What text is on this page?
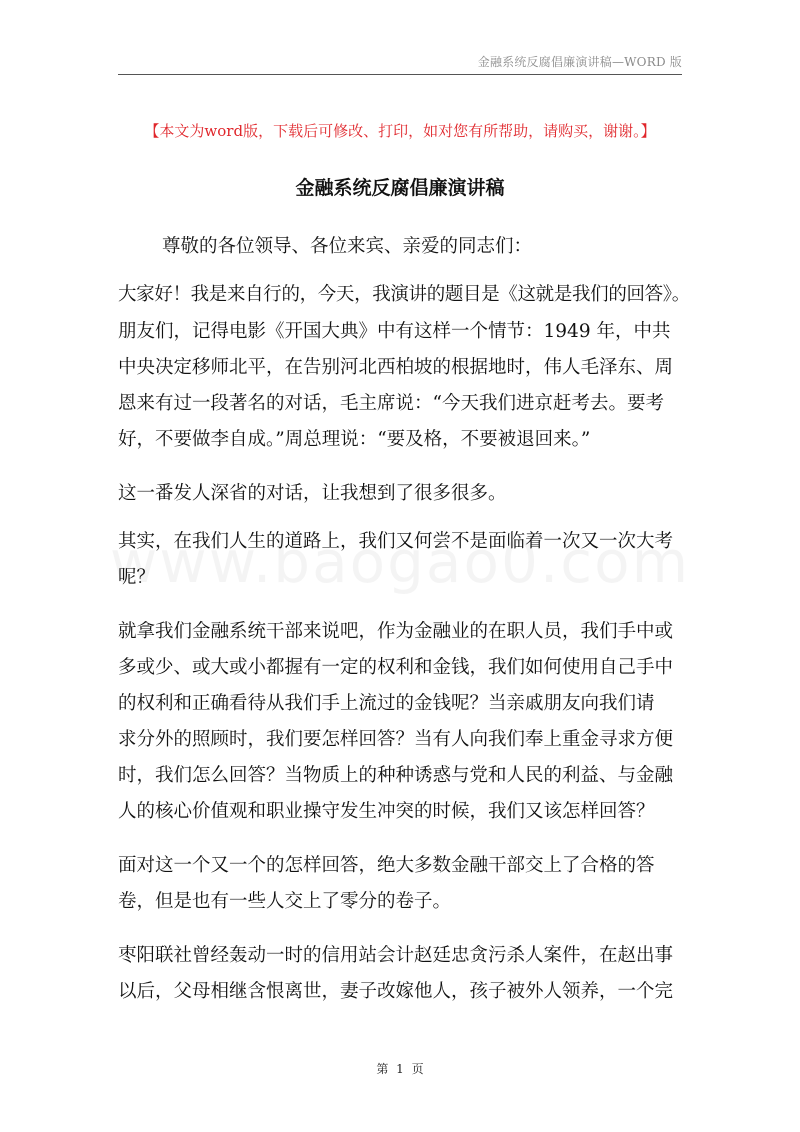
金融系统反腐倡廉演讲稿—WORD 版
【本文为word版，下载后可修改、打印，如对您有所帮助，请购买，谢谢。】
金融系统反腐倡廉演讲稿
尊敬的各位领导、各位来宾、亲爱的同志们：
大家好！我是来自行的，今天，我演讲的题目是《这就是我们的回答》。
朋友们，记得电影《开国大典》中有这样一个情节：1949 年，中共
中央决定移师北平，在告别河北西柏坡的根据地时，伟人毛泽东、周
恩来有过一段著名的对话，毛主席说：“今天我们进京赶考去。要考
好，不要做李自成。”周总理说：“要及格，不要被退回来。”
这一番发人深省的对话，让我想到了很多很多。
其实，在我们人生的道路上，我们又何尝不是面临着一次又一次大考
呢？
就拿我们金融系统干部来说吧，作为金融业的在职人员，我们手中或
多或少、或大或小都握有一定的权利和金钱，我们如何使用自己手中
的权利和正确看待从我们手上流过的金钱呢？当亲戚朋友向我们请
求分外的照顾时，我们要怎样回答？当有人向我们奉上重金寻求方便
时，我们怎么回答？当物质上的种种诱惑与党和人民的利益、与金融
人的核心价值观和职业操守发生冲突的时候，我们又该怎样回答？
面对这一个又一个的怎样回答，绝大多数金融干部交上了合格的答
卷，但是也有一些人交上了零分的卷子。
枣阳联社曾经轰动一时的信用站会计赵廷忠贪污杀人案件，在赵出事
以后，父母相继含恨离世，妻子改嫁他人，孩子被外人领养，一个完
第 1 页
